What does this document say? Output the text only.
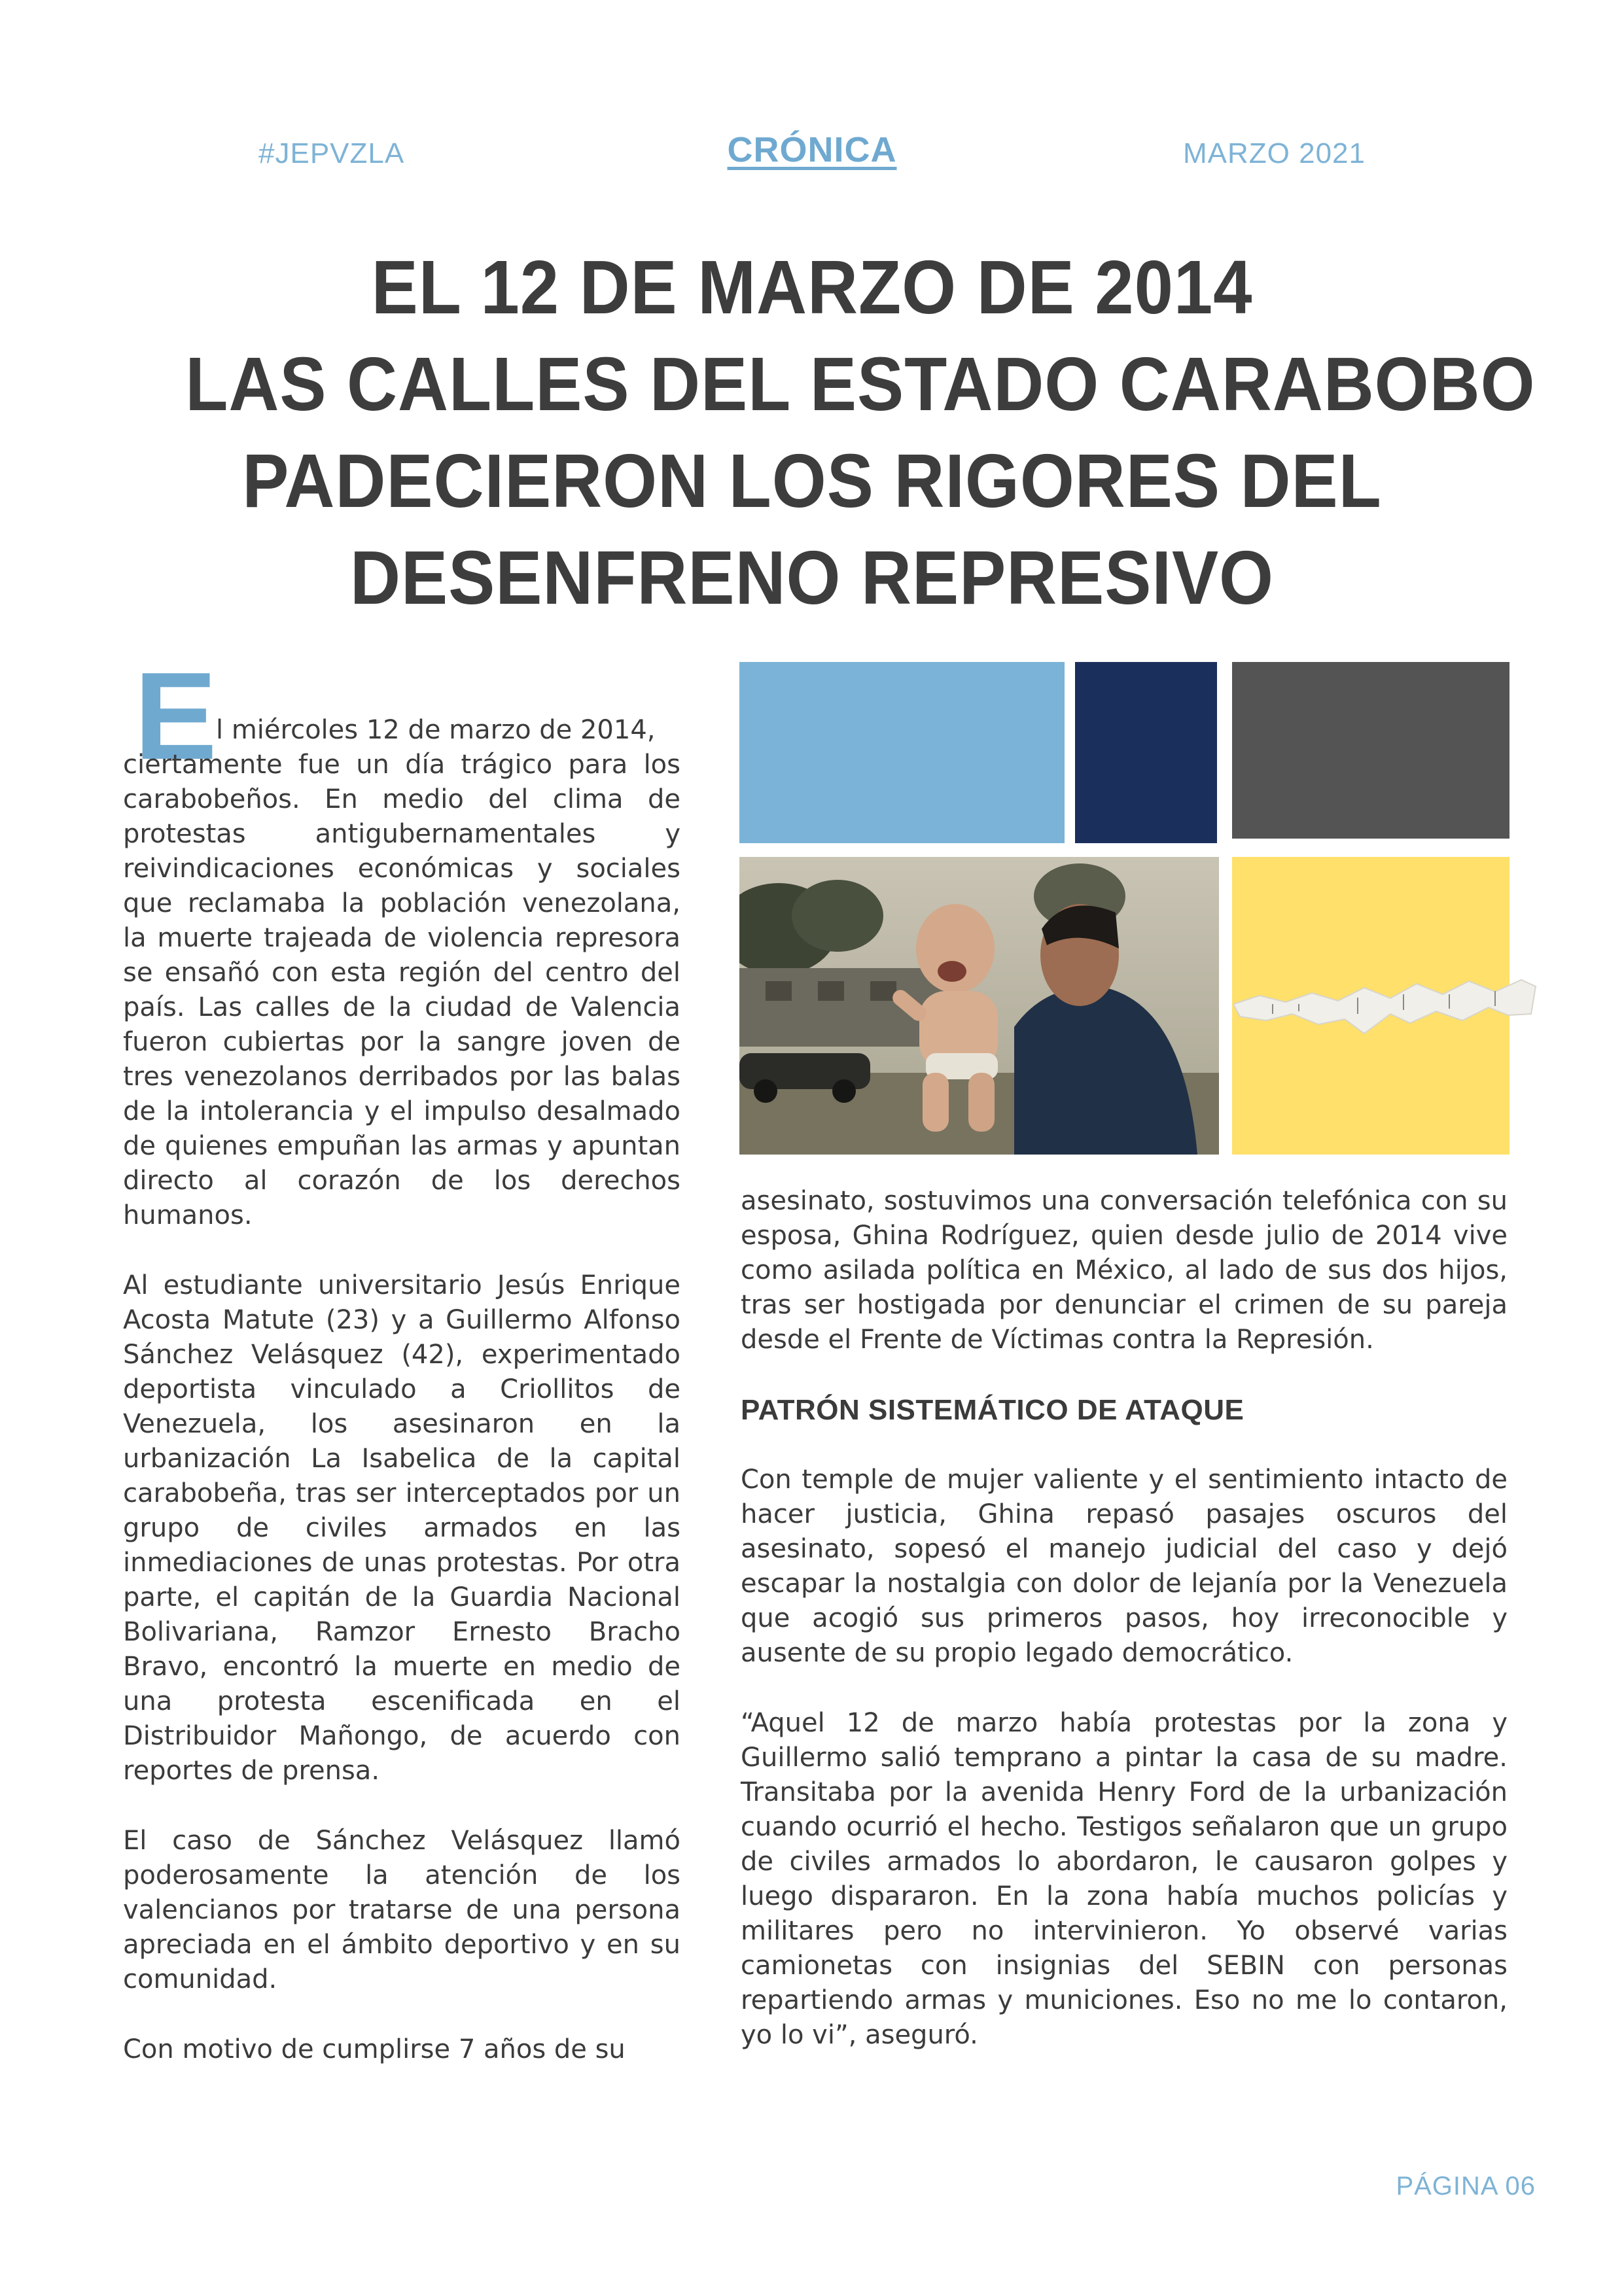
#JEPVZLA	CRÓNICA	MARZO 2021
EL 12 DE MARZO DE 2014
LAS CALLES DEL ESTADO CARABOBO
PADECIERON LOS RIGORES DEL
DESENFRENO REPRESIVO
E
l miércoles 12 de marzo de 2014,

ciertamente fue un día trágico para los carabobeños. En medio del clima de protestas antigubernamentales y reivindicaciones económicas y sociales que reclamaba la población venezolana, la muerte trajeada de violencia represora se ensañó con esta región del centro del país. Las calles de la ciudad de Valencia fueron cubiertas por la sangre joven de tres venezolanos derribados por las balas de la intolerancia y el impulso desalmado de quienes empuñan las armas y apuntan directo al corazón de los derechos humanos.

Al estudiante universitario Jesús Enrique Acosta Matute (23) y a Guillermo Alfonso Sánchez Velásquez (42), experimentado deportista vinculado a Criollitos de Venezuela, los asesinaron en la urbanización La Isabelica de la capital carabobeña, tras ser interceptados por un grupo de civiles armados en las inmediaciones de unas protestas. Por otra parte, el capitán de la Guardia Nacional Bolivariana, Ramzor Ernesto Bracho Bravo, encontró la muerte en medio de una protesta escenificada en el Distribuidor Mañongo, de acuerdo con reportes de prensa.

El caso de Sánchez Velásquez llamó poderosamente la atención de los valencianos por tratarse de una persona apreciada en el ámbito deportivo y en su comunidad.

Con motivo de cumplirse 7 años de su

asesinato, sostuvimos una conversación telefónica con su esposa, Ghina Rodríguez, quien desde julio de 2014 vive como asilada política en México, al lado de sus dos hijos, tras ser hostigada por denunciar el crimen de su pareja desde el Frente de Víctimas contra la Represión.

PATRÓN SISTEMÁTICO DE ATAQUE

Con temple de mujer valiente y el sentimiento intacto de hacer justicia, Ghina repasó pasajes oscuros del asesinato, sopesó el manejo judicial del caso y dejó escapar la nostalgia con dolor de lejanía por la Venezuela que acogió sus primeros pasos, hoy irreconocible y ausente de su propio legado democrático.

“Aquel 12 de marzo había protestas por la zona y Guillermo salió temprano a pintar la casa de su madre. Transitaba por la avenida Henry Ford de la urbanización cuando ocurrió el hecho. Testigos señalaron que un grupo de civiles armados lo abordaron, le causaron golpes y luego dispararon. En la zona había muchos policías y militares pero no intervinieron. Yo observé varias camionetas con insignias del SEBIN con personas repartiendo armas y municiones. Eso no me lo contaron, yo lo vi”, aseguró.

PÁGINA 06
